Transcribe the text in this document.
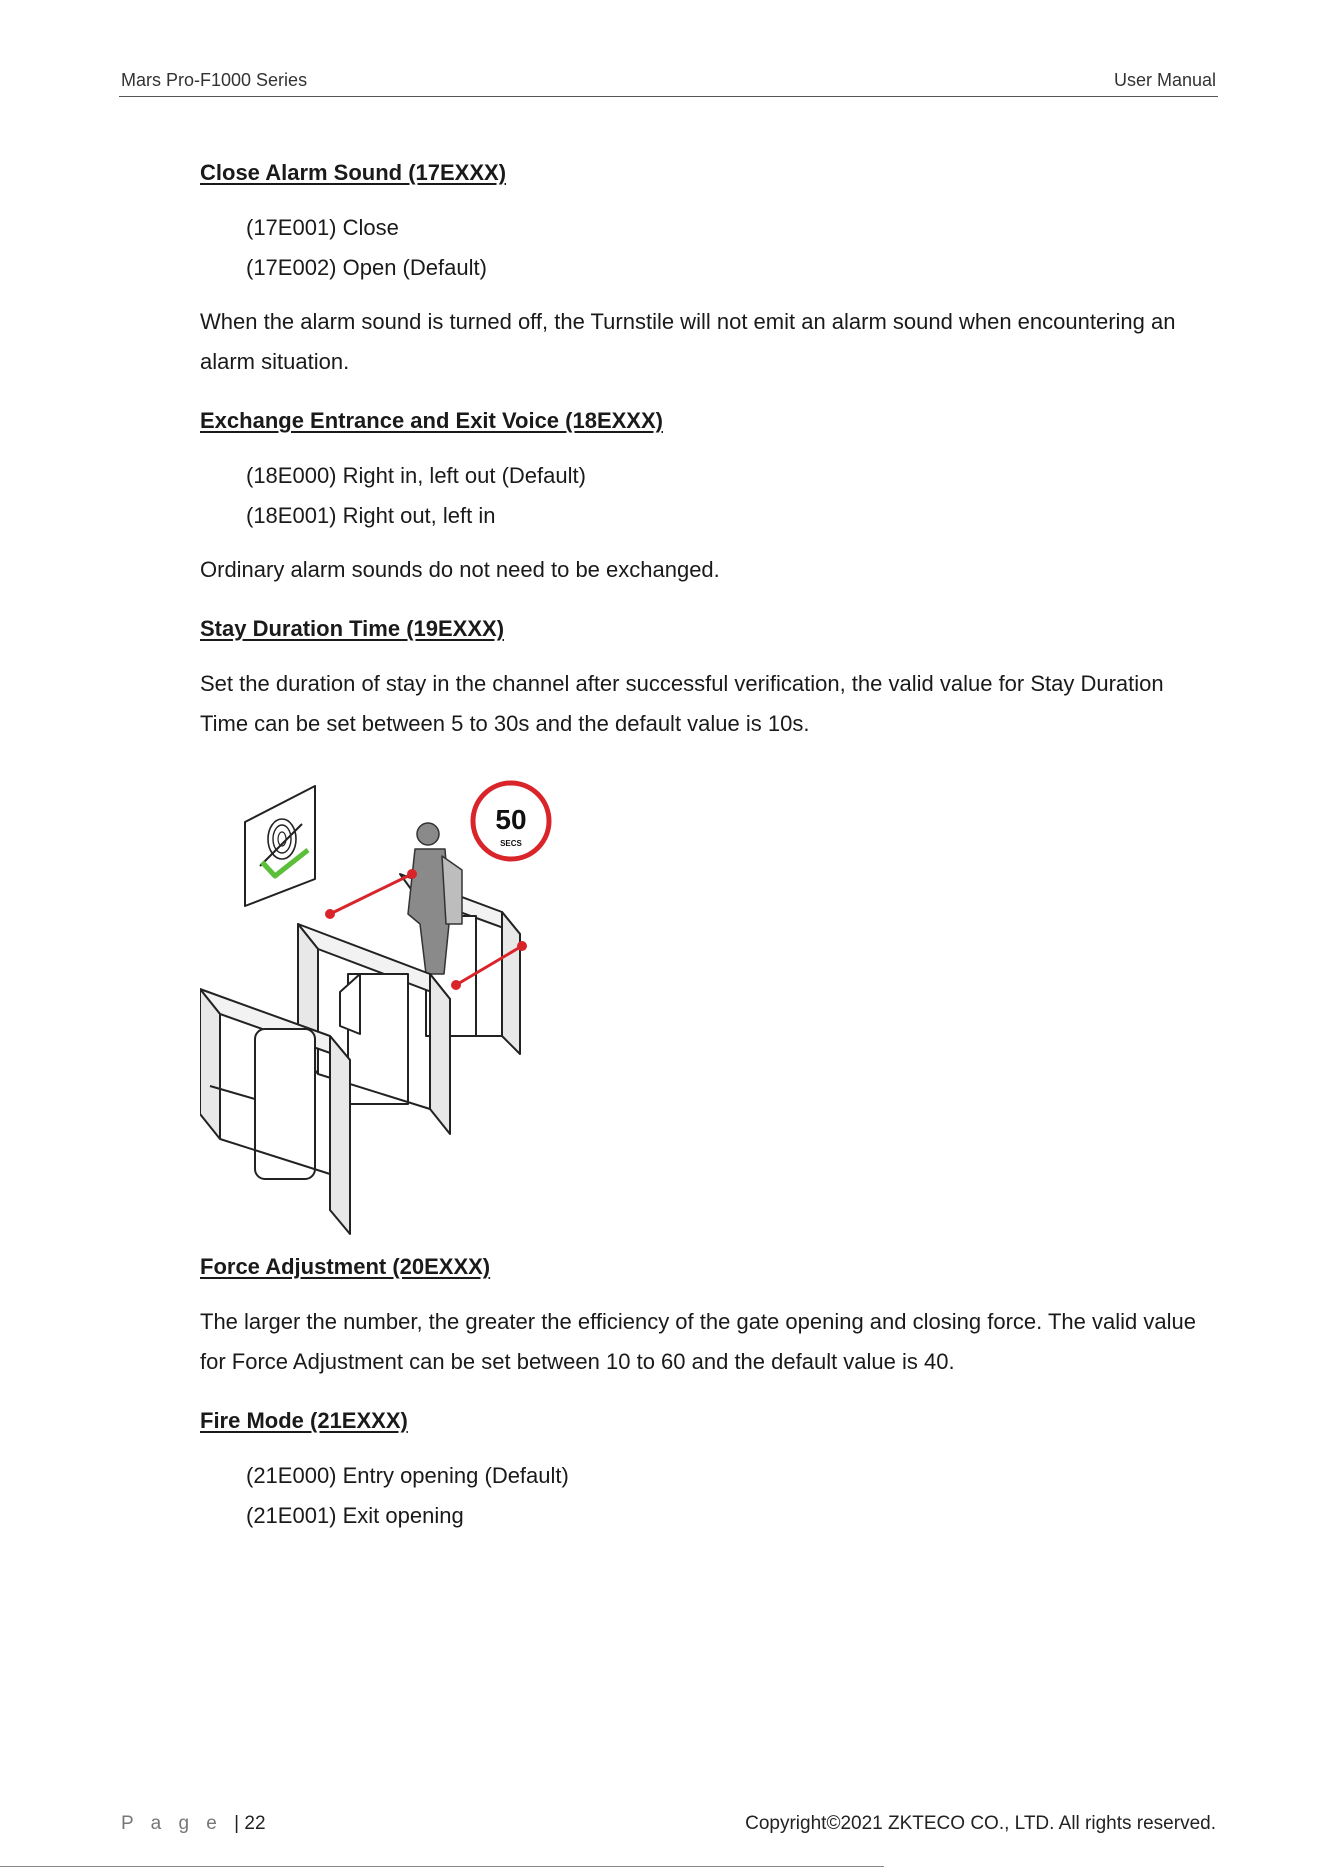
Mars Pro-F1000 Series	User Manual
Close Alarm Sound (17EXXX)
(17E001) Close
(17E002) Open (Default)

When the alarm sound is turned off, the Turnstile will not emit an alarm sound when encountering an alarm situation.

Exchange Entrance and Exit Voice (18EXXX)
(18E000) Right in, left out (Default)
(18E001) Right out, left in

Ordinary alarm sounds do not need to be exchanged.

Stay Duration Time (19EXXX)

Set the duration of stay in the channel after successful verification, the valid value for Stay Duration Time can be set between 5 to 30s and the default value is 10s.

50
SECS
Force Adjustment (20EXXX)

The larger the number, the greater the efficiency of the gate opening and closing force. The valid value for Force Adjustment can be set between 10 to 60 and the default value is 40.

Fire Mode (21EXXX)
(21E000) Entry opening (Default)
(21E001) Exit opening
P a g e | 22	Copyright©2021 ZKTECO CO., LTD. All rights reserved.
